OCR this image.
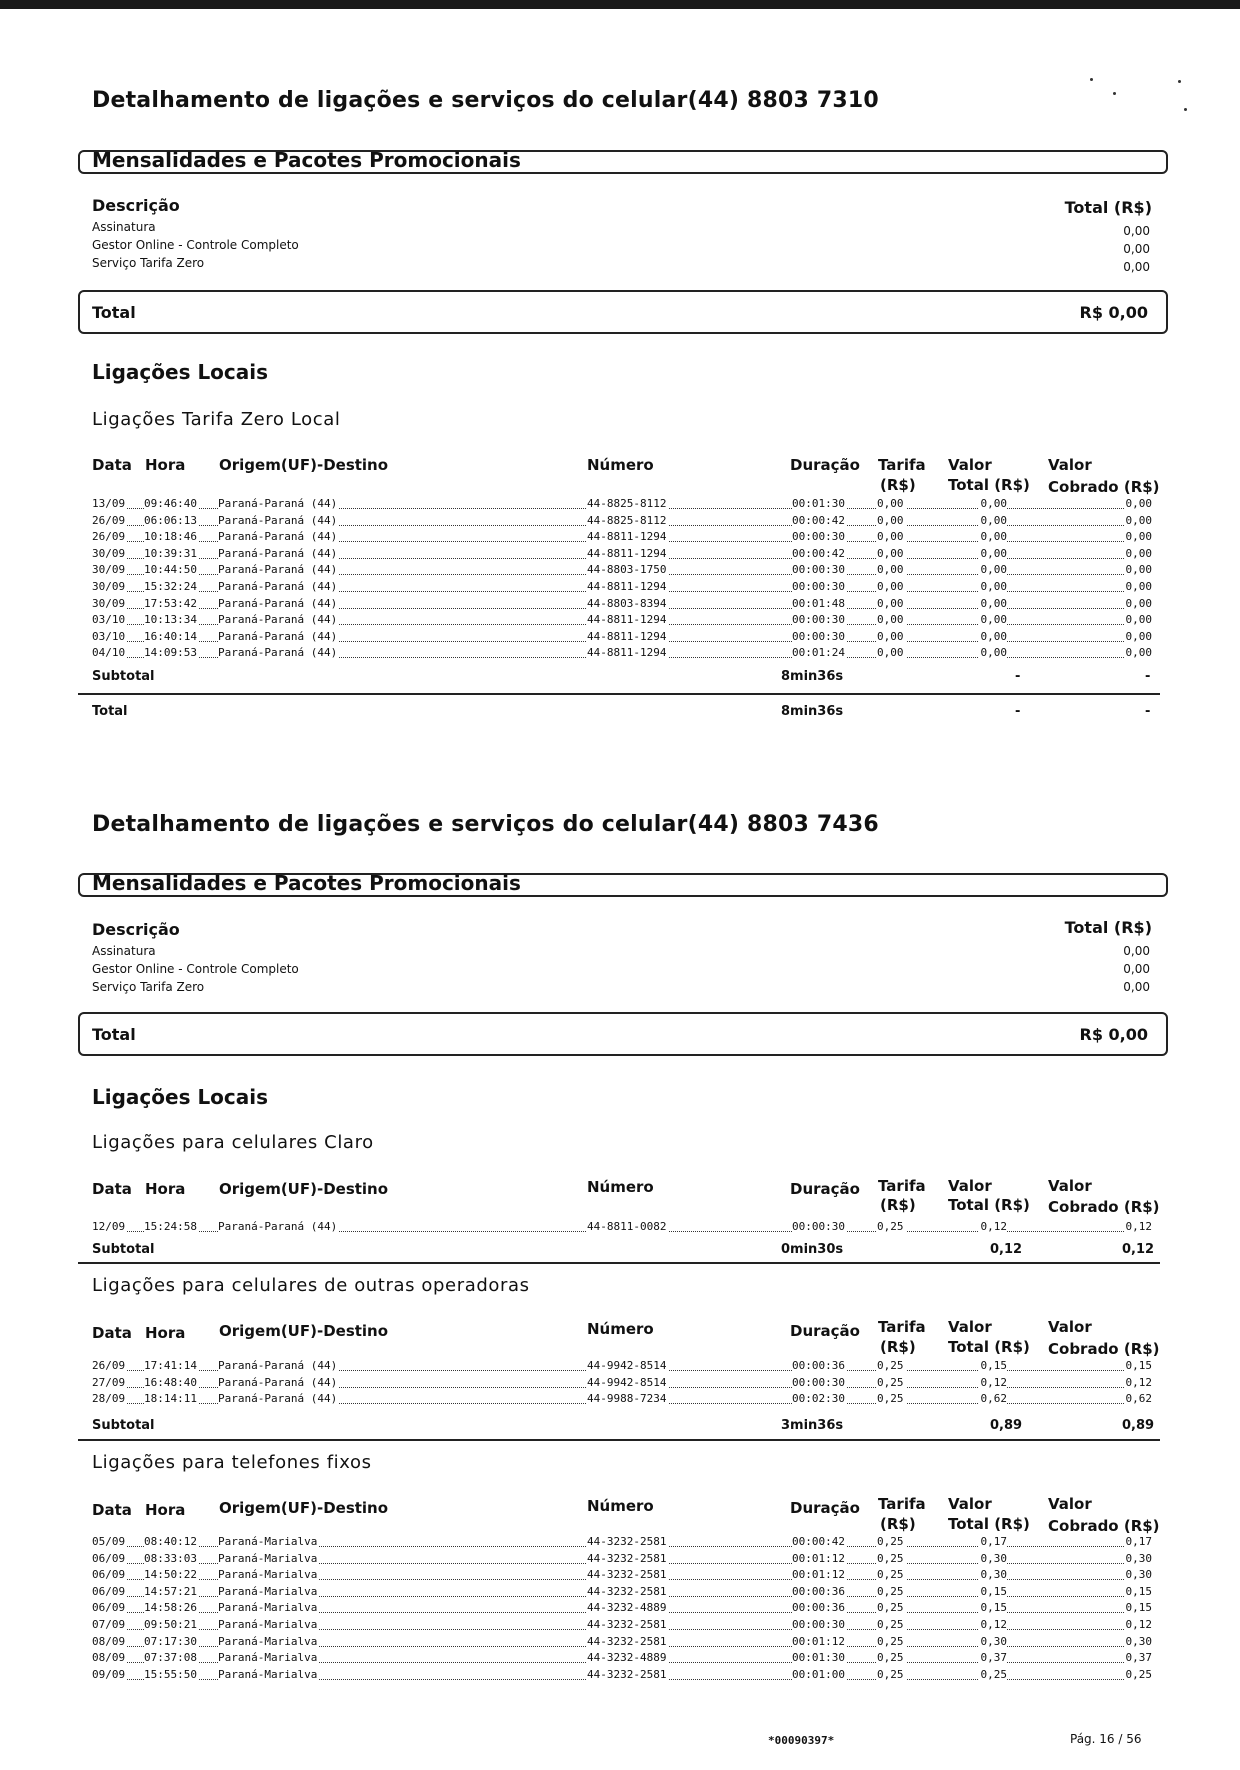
Detalhamento de ligações e serviços do celular(44) 8803 7310
Mensalidades e Pacotes Promocionais
Descrição	Total (R$)
Assinatura	0,00
Gestor Online - Controle Completo	0,00
Serviço Tarifa Zero	0,00
Total	R$ 0,00
Ligações Locais
Ligações Tarifa Zero Local
Data Hora Origem(UF)-Destino	Número	Duração Tarifa
(R$)
Valor
Total (R$)
Valor
Cobrado (R$)
13/09 09:46:40 Paraná-Paraná (44)	44-8825-8112	00:01:30	0,00	0,00	0,00
26/09 06:06:13 Paraná-Paraná (44)	44-8825-8112	00:00:42	0,00	0,00	0,00
26/09 10:18:46 Paraná-Paraná (44)	44-8811-1294	00:00:30	0,00	0,00	0,00
30/09 10:39:31 Paraná-Paraná (44)	44-8811-1294	00:00:42	0,00	0,00	0,00
30/09 10:44:50 Paraná-Paraná (44)	44-8803-1750	00:00:30	0,00	0,00	0,00
30/09 15:32:24 Paraná-Paraná (44)	44-8811-1294	00:00:30	0,00	0,00	0,00
30/09 17:53:42 Paraná-Paraná (44)	44-8803-8394	00:01:48	0,00	0,00	0,00
03/10 10:13:34 Paraná-Paraná (44)	44-8811-1294	00:00:30	0,00	0,00	0,00
03/10 16:40:14 Paraná-Paraná (44)	44-8811-1294	00:00:30	0,00	0,00	0,00
04/10 14:09:53 Paraná-Paraná (44)	44-8811-1294	00:01:24	0,00	0,00	0,00
Subtotal	8min36s	-	-
Total	8min36s	-	-
Detalhamento de ligações e serviços do celular(44) 8803 7436
Mensalidades e Pacotes Promocionais
Descrição	Total (R$)
Assinatura	0,00
Gestor Online - Controle Completo	0,00
Serviço Tarifa Zero	0,00
Total	R$ 0,00
Ligações Locais
Ligações para celulares Claro
Data Hora Origem(UF)-Destino	Número	Duração Tarifa
(R$)
Valor
Total (R$)
Valor
Cobrado (R$)
12/09 15:24:58 Paraná-Paraná (44)	44-8811-0082	00:00:30	0,25	0,12	0,12
Subtotal	0min30s	0,12	0,12
Ligações para celulares de outras operadoras
Data Hora Origem(UF)-Destino	Número	Duração Tarifa
(R$)
Valor
Total (R$)
Valor
Cobrado (R$)
26/09 17:41:14 Paraná-Paraná (44)	44-9942-8514	00:00:36	0,25	0,15	0,15
27/09 16:48:40 Paraná-Paraná (44)	44-9942-8514	00:00:30	0,25	0,12	0,12
28/09 18:14:11 Paraná-Paraná (44)	44-9988-7234	00:02:30	0,25	0,62	0,62
Subtotal	3min36s	0,89	0,89
Ligações para telefones fixos
Data Hora Origem(UF)-Destino	Número	Duração Tarifa
(R$)
Valor
Total (R$)
Valor
Cobrado (R$)
05/09 08:40:12 Paraná-Marialva	44-3232-2581	00:00:42	0,25	0,17	0,17
06/09 08:33:03 Paraná-Marialva	44-3232-2581	00:01:12	0,25	0,30	0,30
06/09 14:50:22 Paraná-Marialva	44-3232-2581	00:01:12	0,25	0,30	0,30
06/09 14:57:21 Paraná-Marialva	44-3232-2581	00:00:36	0,25	0,15	0,15
06/09 14:58:26 Paraná-Marialva	44-3232-4889	00:00:36	0,25	0,15	0,15
07/09 09:50:21 Paraná-Marialva	44-3232-2581	00:00:30	0,25	0,12	0,12
08/09 07:17:30 Paraná-Marialva	44-3232-2581	00:01:12	0,25	0,30	0,30
08/09 07:37:08 Paraná-Marialva	44-3232-4889	00:01:30	0,25	0,37	0,37
09/09 15:55:50 Paraná-Marialva	44-3232-2581	00:01:00	0,25	0,25	0,25
*00090397*	Pág. 16 / 56
